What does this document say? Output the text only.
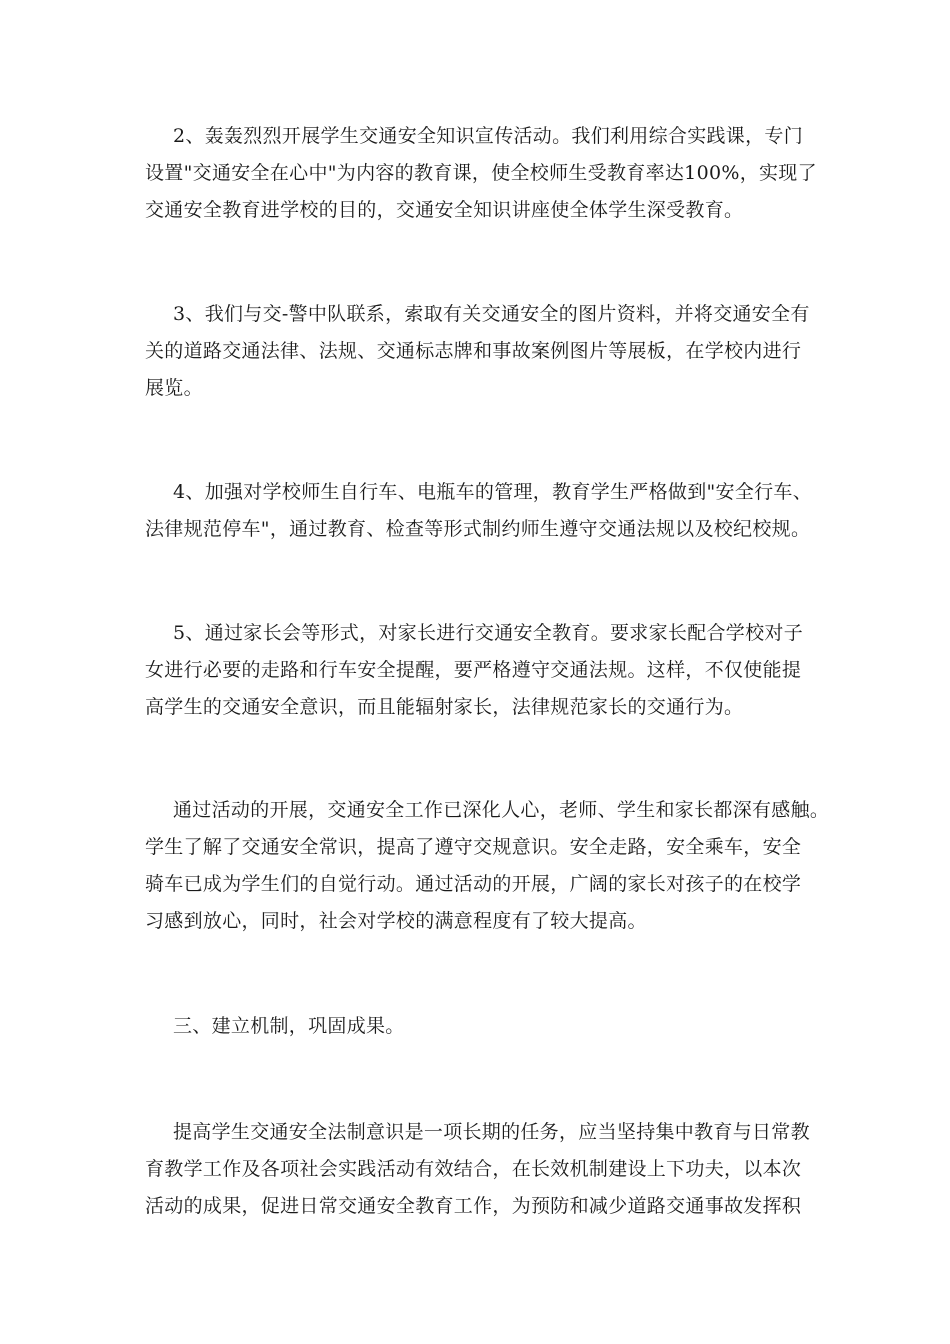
2、轰轰烈烈开展学生交通安全知识宣传活动。我们利用综合实践课，专门
设置"交通安全在心中"为内容的教育课，使全校师生受教育率达100%，实现了
交通安全教育进学校的目的，交通安全知识讲座使全体学生深受教育。
3、我们与交-警中队联系，索取有关交通安全的图片资料，并将交通安全有
关的道路交通法律、法规、交通标志牌和事故案例图片等展板，在学校内进行
展览。
4、加强对学校师生自行车、电瓶车的管理，教育学生严格做到"安全行车、
法律规范停车"，通过教育、检查等形式制约师生遵守交通法规以及校纪校规。
5、通过家长会等形式，对家长进行交通安全教育。要求家长配合学校对子
女进行必要的走路和行车安全提醒，要严格遵守交通法规。这样，不仅使能提
高学生的交通安全意识，而且能辐射家长，法律规范家长的交通行为。
通过活动的开展，交通安全工作已深化人心，老师、学生和家长都深有感触。
学生了解了交通安全常识，提高了遵守交规意识。安全走路，安全乘车，安全
骑车已成为学生们的自觉行动。通过活动的开展，广阔的家长对孩子的在校学
习感到放心，同时，社会对学校的满意程度有了较大提高。
三、建立机制，巩固成果。
提高学生交通安全法制意识是一项长期的任务，应当坚持集中教育与日常教
育教学工作及各项社会实践活动有效结合，在长效机制建设上下功夫，以本次
活动的成果，促进日常交通安全教育工作，为预防和减少道路交通事故发挥积
